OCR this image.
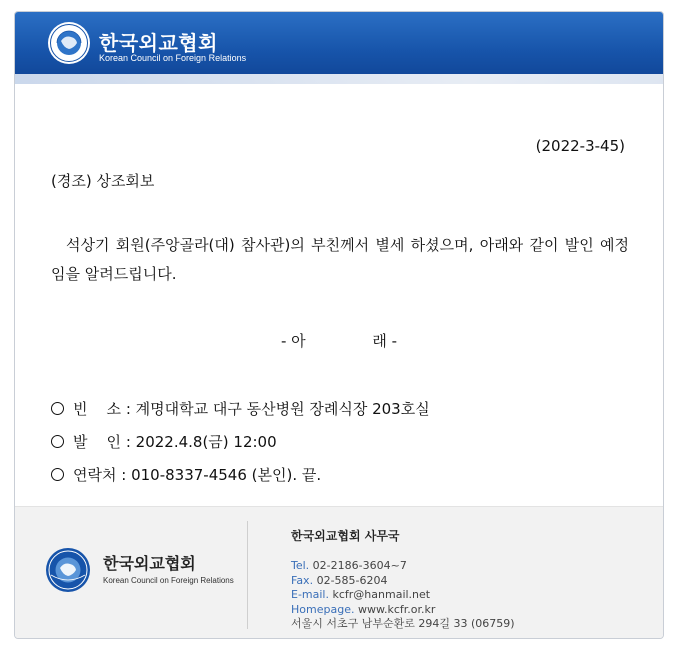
한국외교협회
Korean Council on Foreign Relations
(2022-3-45)
(경조) 상조회보
석상기 회원(주앙골라(대) 참사관)의 부친께서 별세 하셨으며, 아래와 같이 발인 예정임을 알려드립니다.
- 아              래 -
빈    소 : 계명대학교 대구 동산병원 장례식장 203호실
발    인 : 2022.4.8(금) 12:00
연락처 : 010-8337-4546 (본인). 끝.
한국외교협회
Korean Council on Foreign Relations
한국외교협회 사무국
Tel. 02-2186-3604~7
Fax. 02-585-6204
E-mail. kcfr@hanmail.net
Homepage. www.kcfr.or.kr
서울시 서초구 남부순환로 294길 33 (06759)
